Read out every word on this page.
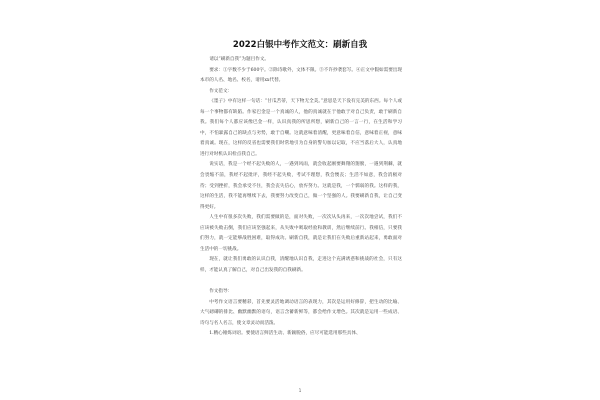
2022白银中考作文范文：刷新自我

请以“刷新自我”为题目作文。

要求：①字数不少于600字。②除诗歌外，文体不限。③不许抄袭套写。④正文中假如需要出现本市的人名、地名、校名，请用xx代替。

作文范文：

《墨子》中有这样一句话：“甘瓜苦蒂，天下物无全美。”意思是天下没有完美的东西。每个人或每一个事物都有缺陷。作家巴金是一个真诚的人，他的真诚就在于他敢于对自己负责，敢于刷新自我。我们每个人都应该像巴金一样，认识真我的所思所想，刷新自己的一言一行，在生活和学习中，不怕暴露自己的缺点与劣势，敢于自嘲。这就意味着清醒，更意味着自信，意味着正视，意味着真诚。现在，这样的反省也需要我们时常地引为自身的警句加以记取，不应当落后大人，认真地进行对时机认识检点我自己。

说实话，我是一个经不起失败的人，一遇到风雨，就会收起刚要舞翔的翅膀，一遇到荆棘，就会畏缩不前，我经不起批评，我经不起失败，考试不理想，我会懊丧；生活不如意，我会消极对待；受到挫折，我会承受不住，我会丧失信心，放弃努力。这就是我，一个懦弱的我。这样的我，这样的生活，我不能再继续下去，我要努力改变自己，做一个坚强的人。我要刷新自我，让自己变得更好。

人生中有很多次失败，我们需要做的是，面对失败，一次次从头再来，一次次地尝试，我们不应该被失败击倒，我们应该坚强起来，从失败中吸取经验和教训，然后继续前行。我相信，只要我们努力，就一定能够战胜困难，取得成功。刷新自我，就是让我们在失败后重新站起来，勇敢面对生活中的一切挑战。

现在，就让我们勇敢的认识自我，清醒地认识自我，走进这个充满诱惑和挑战的社会，只有这样，才能认真了解自己，对自己出发我的自我刷新。

作文指导：

中考作文语言要精彩，首先要灵活地调动语言的表现力，其次是运用好修辞，把生动的比喻、大气磅礴的排比、幽默幽默的语句，语言含蓄新鲜等，都会给作文增色。其次就是运用一些成语、诗句与名人名言，使文章灵动而活泼。

1.精心锤炼词语。要使语言鲜活生动、新颖脱俗，应尽可能选用那些具体、

1
